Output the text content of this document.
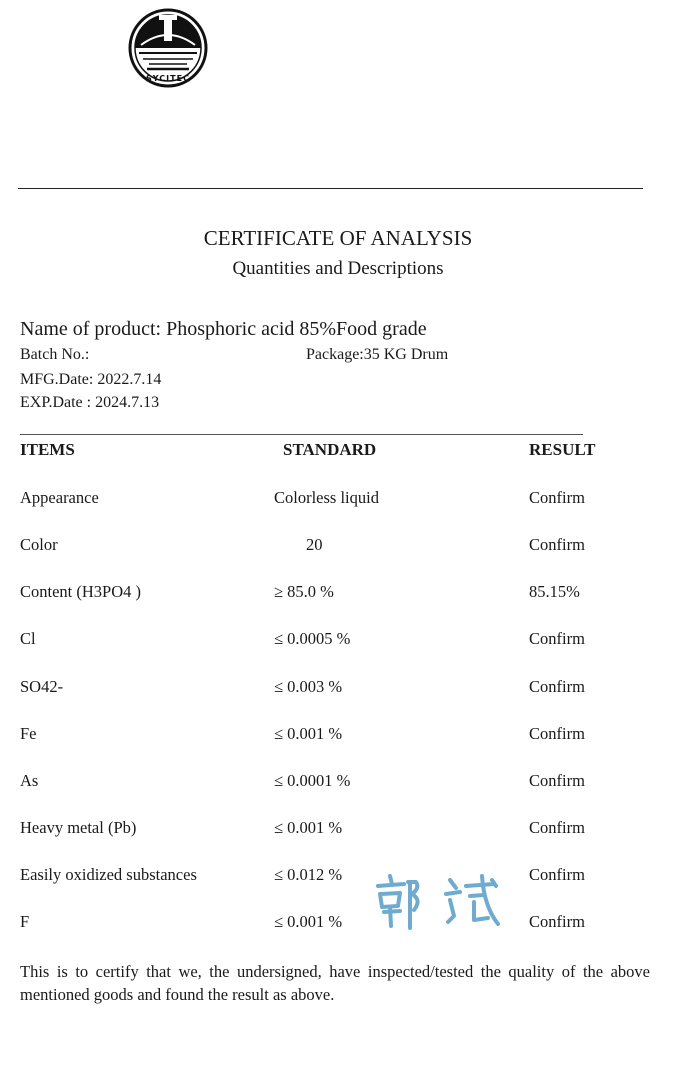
SYCITEC
CERTIFICATE OF ANALYSIS
Quantities and Descriptions
Name of product: Phosphoric acid 85%Food grade
Batch No.:	Package:35 KG Drum
MFG.Date: 2022.7.14
EXP.Date : 2024.7.13
ITEMS	STANDARD	RESULT
Appearance	Colorless liquid	Confirm
Color	20	Confirm
Content (H3PO4 )	≥ 85.0 %	85.15%
Cl	≤ 0.0005 %	Confirm
SO42-	≤ 0.003 %	Confirm
Fe	≤ 0.001 %	Confirm
As	≤ 0.0001 %	Confirm
Heavy metal (Pb)	≤ 0.001 %	Confirm
Easily oxidized substances	≤ 0.012 %	Confirm
F	≤ 0.001 %	Confirm
This is to certify that we, the undersigned, have inspected/tested the quality of the above mentioned goods and found the result as above.
